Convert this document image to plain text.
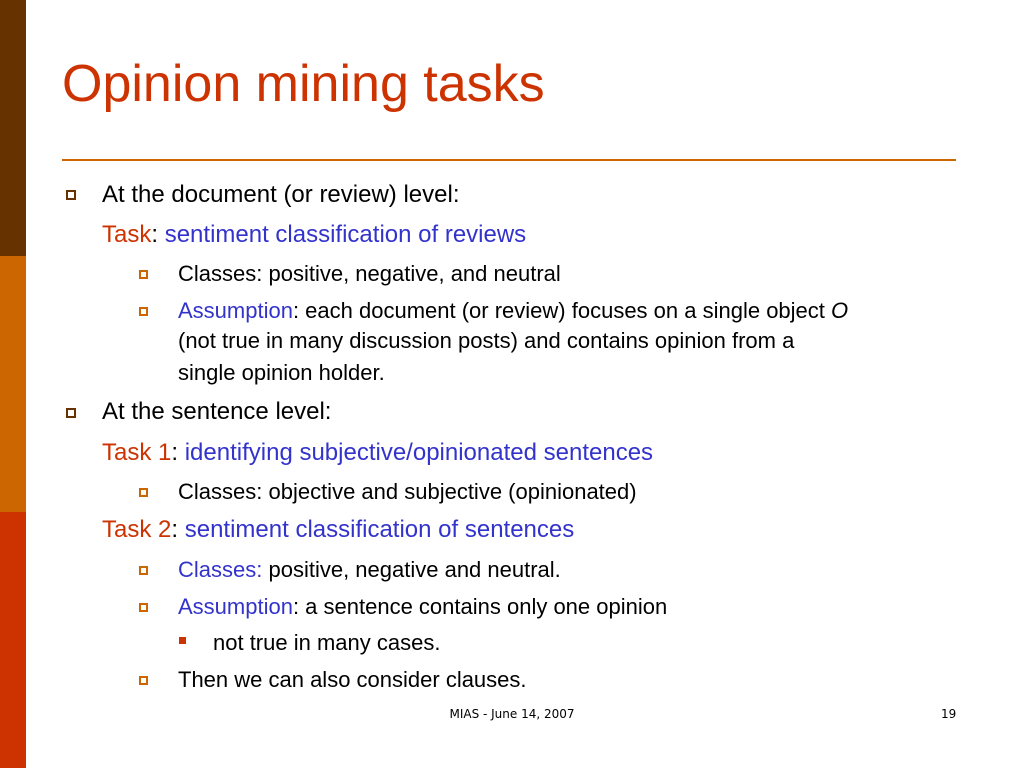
Opinion mining tasks
At the document (or review) level:
Task: sentiment classification of reviews
Classes: positive, negative, and neutral
Assumption: each document (or review) focuses on a single object O
(not true in many discussion posts) and contains opinion from a
single opinion holder.
At the sentence level:
Task 1: identifying subjective/opinionated sentences
Classes: objective and subjective (opinionated)
Task 2: sentiment classification of sentences
Classes: positive, negative and neutral.
Assumption: a sentence contains only one opinion
not true in many cases.
Then we can also consider clauses.
MIAS - June 14, 2007	19
